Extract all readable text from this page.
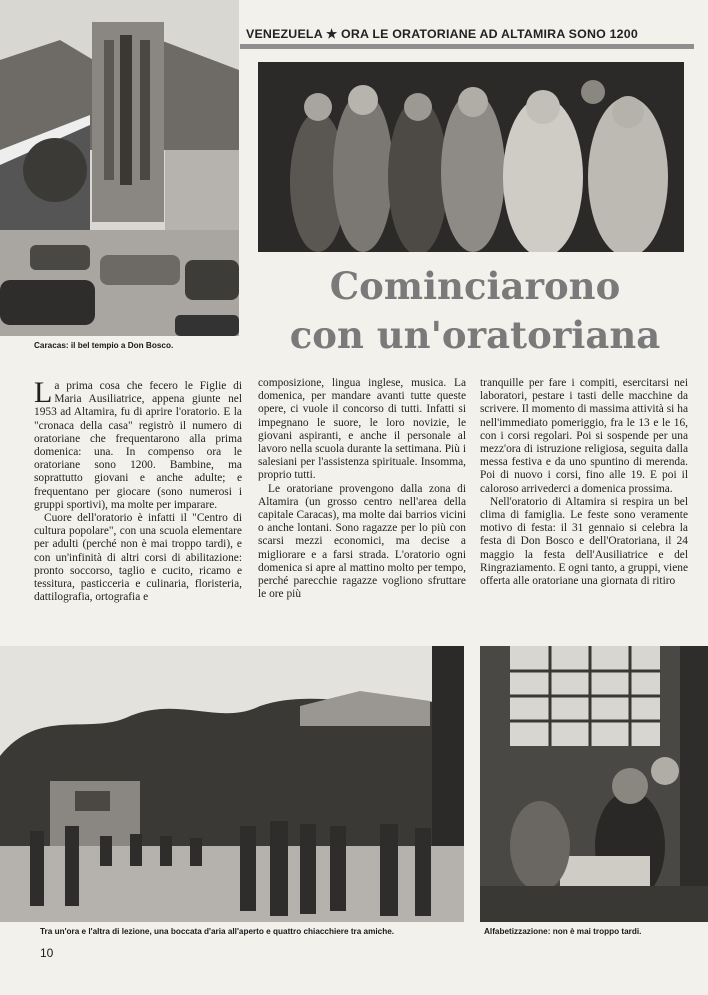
Caracas: il bel tempio a Don Bosco.
VENEZUELA ★ ORA LE ORATORIANE AD ALTAMIRA SONO 1200
Cominciarono
con un'oratoriana

La prima cosa che fecero le Figlie di Maria Ausiliatrice, appena giunte nel 1953 ad Altamira, fu di aprire l'oratorio. E la "cronaca della casa" registrò il numero di oratoriane che frequentarono alla prima domenica: una. In compenso ora le oratoriane sono 1200. Bambine, ma soprattutto giovani e anche adulte; e frequentano per giocare (sono numerosi i gruppi sportivi), ma molte per imparare.

Cuore dell'oratorio è infatti il "Centro di cultura popolare", con una scuola elementare per adulti (perché non è mai troppo tardi), e con un'infinità di altri corsi di abilitazione: pronto soccorso, taglio e cucito, ricamo e tessitura, pasticceria e culinaria, floristeria, dattilografia, ortografia e

composizione, lingua inglese, musica. La domenica, per mandare avanti tutte queste opere, ci vuole il concorso di tutti. Infatti si impegnano le suore, le loro novizie, le giovani aspiranti, e anche il personale al lavoro nella scuola durante la settimana. Più i salesiani per l'assistenza spirituale. Insomma, proprio tutti.

Le oratoriane provengono dalla zona di Altamira (un grosso centro nell'area della capitale Caracas), ma molte dai barrios vicini o anche lontani. Sono ragazze per lo più con scarsi mezzi economici, ma decise a migliorare e a farsi strada. L'oratorio ogni domenica si apre al mattino molto per tempo, perché parecchie ragazze vogliono sfruttare le ore più

tranquille per fare i compiti, esercitarsi nei laboratori, pestare i tasti delle macchine da scrivere. Il momento di massima attività si ha nell'immediato pomeriggio, fra le 13 e le 16, con i corsi regolari. Poi si sospende per una mezz'ora di istruzione religiosa, seguita dalla messa festiva e da uno spuntino di merenda. Poi di nuovo i corsi, fino alle 19. E poi il caloroso arrivederci a domenica prossima.

Nell'oratorio di Altamira si respira un bel clima di famiglia. Le feste sono veramente motivo di festa: il 31 gennaio si celebra la festa di Don Bosco e dell'Oratoriana, il 24 maggio la festa dell'Ausiliatrice e del Ringraziamento. E ogni tanto, a gruppi, viene offerta alle oratoriane una giornata di ritiro

Tra un'ora e l'altra di lezione, una boccata d'aria all'aperto e quattro chiacchiere tra amiche.	Alfabetizzazione: non è mai troppo tardi.
10
